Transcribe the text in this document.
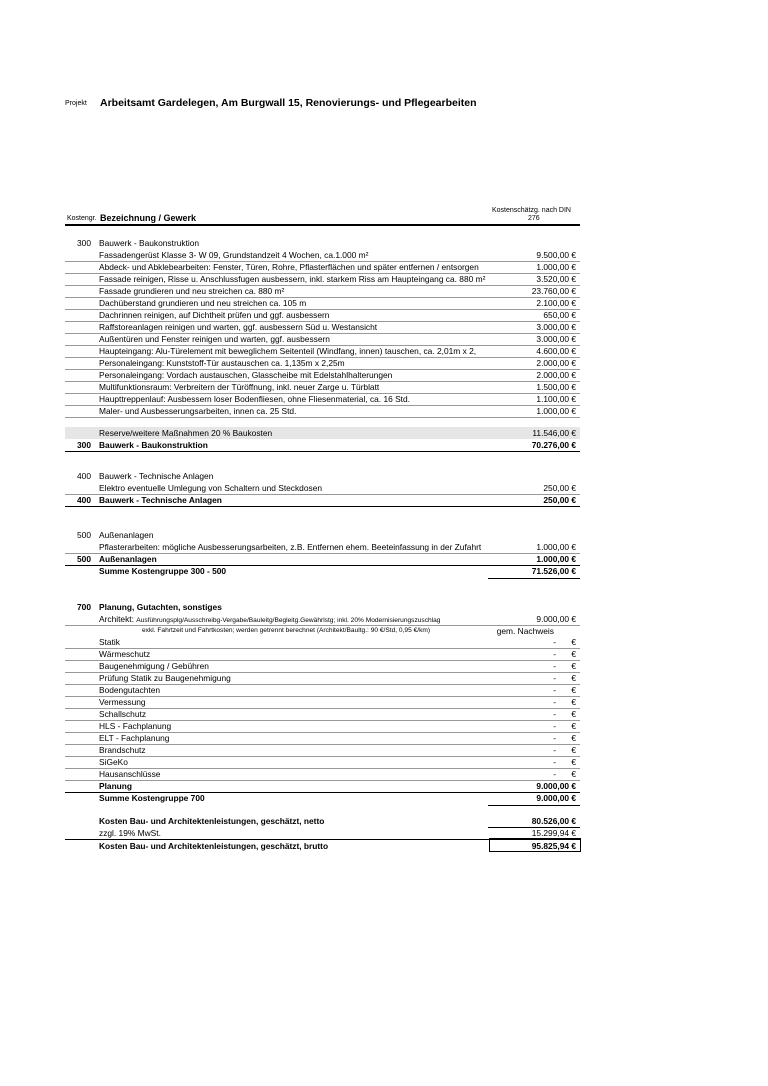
Projekt Arbeitsamt Gardelegen, Am Burgwall 15, Renovierungs- und Pflegearbeiten
Kostenschätzg. nach DIN
276
Kostengr. Bezeichnung / Gewerk
300 Bauwerk - Baukonstruktion
Fassadengerüst Klasse 3- W 09, Grundstandzeit 4 Wochen, ca.1.000 m²	9.500,00 €
Abdeck- und Abklebearbeiten: Fenster, Türen, Rohre, Pflasterflächen und später entfernen / entsorgen	1.000,00 €
Fassade reinigen, Risse u. Anschlussfugen ausbessern, inkl. starkem Riss am Haupteingang ca. 880 m²	3.520,00 €
Fassade grundieren und neu streichen ca. 880 m²	23.760,00 €
Dachüberstand grundieren und neu streichen ca. 105 m	2.100,00 €
Dachrinnen reinigen, auf Dichtheit prüfen und ggf. ausbessern	650,00 €
Raffstoreanlagen reinigen und warten, ggf. ausbessern Süd u. Westansicht	3.000,00 €
Außentüren und Fenster reinigen und warten, ggf. ausbessern	3.000,00 €
Haupteingang: Alu-Türelement mit beweglichem Seitenteil (Windfang, innen) tauschen, ca. 2,01m x 2,	4.600,00 €
Personaleingang: Kunststoff-Tür austauschen ca. 1,135m x 2,25m	2.000,00 €
Personaleingang: Vordach austauschen, Glasscheibe mit Edelstahlhalterungen	2.000,00 €
Multifunktionsraum: Verbreitern der Türöffnung, inkl. neuer Zarge u. Türblatt	1.500,00 €
Haupttreppenlauf: Ausbessern loser Bodenfliesen, ohne Fliesenmaterial, ca. 16 Std.	1.100,00 €
Maler- und Ausbesserungsarbeiten, innen ca. 25 Std.	1.000,00 €
Reserve/weitere Maßnahmen 20 % Baukosten	11.546,00 €
300 Bauwerk - Baukonstruktion	70.276,00 €
400 Bauwerk - Technische Anlagen
Elektro eventuelle Umlegung von Schaltern und Steckdosen	250,00 €
400 Bauwerk - Technische Anlagen	250,00 €
500 Außenanlagen
Pflasterarbeiten: mögliche Ausbesserungsarbeiten, z.B. Entfernen ehem. Beeteinfassung in der Zufahrt	1.000,00 €
500 Außenanlagen	1.000,00 €
Summe Kostengruppe 300 - 500	71.526,00 €
700 Planung, Gutachten, sonstiges
Architekt: Ausführungsplg/Ausschreibg-Vergabe/Bauleitg/Begleitg.Gewährlstg; inkl. 20% Modernisierungszuschlag	9.000,00 €
exkl. Fahrtzeit und Fahrtkosten; werden getrennt berechnet (Architekt/Baultg.: 90 €/Std, 0,95 €/km)	gem. Nachweis
Statik	- €
Wärmeschutz	- €
Baugenehmigung / Gebühren	- €
Prüfung Statik zu Baugenehmigung	- €
Bodengutachten	- €
Vermessung	- €
Schallschutz	- €
HLS - Fachplanung	- €
ELT - Fachplanung	- €
Brandschutz	- €
SiGeKo	- €
Hausanschlüsse	- €
Planung	9.000,00 €
Summe Kostengruppe 700	9.000,00 €
Kosten Bau- und Architektenleistungen, geschätzt, netto	80.526,00 €
zzgl. 19% MwSt.	15.299,94 €
Kosten Bau- und Architektenleistungen, geschätzt, brutto	95.825,94 €
